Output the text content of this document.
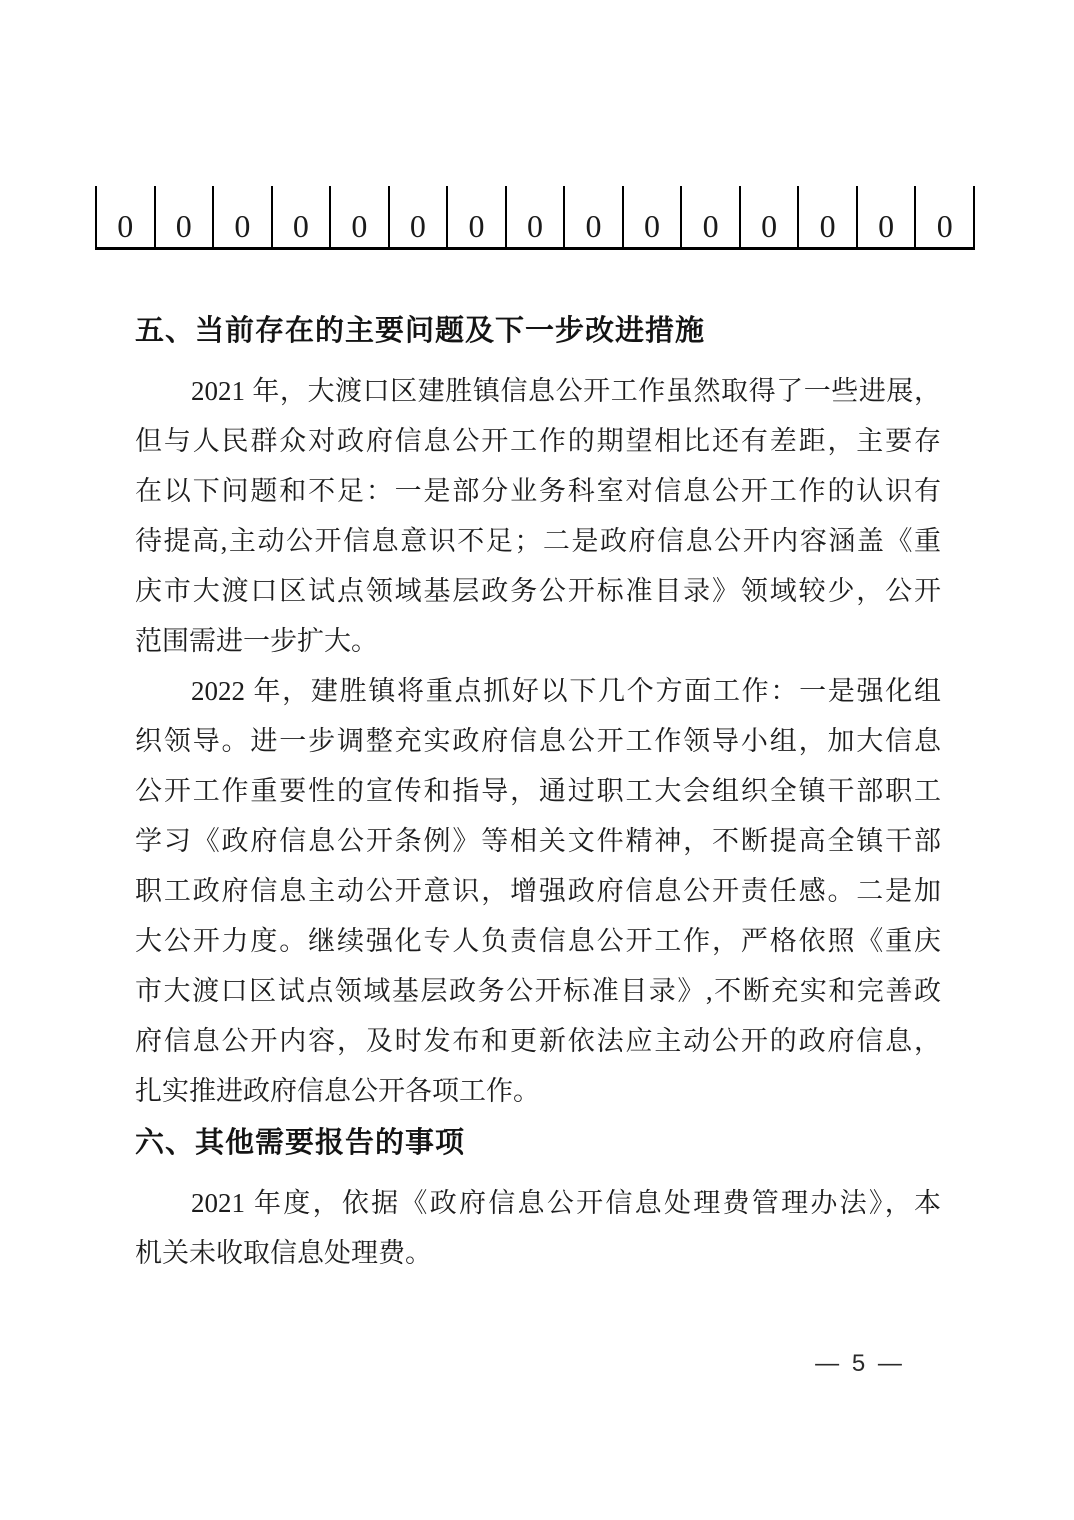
0	0	0	0	0	0	0	0	0	0	0	0	0	0	0
五、当前存在的主要问题及下一步改进措施
2021 年，大渡口区建胜镇信息公开工作虽然取得了一些进展，
但与人民群众对政府信息公开工作的期望相比还有差距，主要存
在以下问题和不足：一是部分业务科室对信息公开工作的认识有
待提高,主动公开信息意识不足；二是政府信息公开内容涵盖《重
庆市大渡口区试点领域基层政务公开标准目录》领域较少，公开
范围需进一步扩大。
2022 年，建胜镇将重点抓好以下几个方面工作：一是强化组
织领导。进一步调整充实政府信息公开工作领导小组，加大信息
公开工作重要性的宣传和指导，通过职工大会组织全镇干部职工
学习《政府信息公开条例》等相关文件精神，不断提高全镇干部
职工政府信息主动公开意识，增强政府信息公开责任感。二是加
大公开力度。继续强化专人负责信息公开工作，严格依照《重庆
市大渡口区试点领域基层政务公开标准目录》,不断充实和完善政
府信息公开内容，及时发布和更新依法应主动公开的政府信息，
扎实推进政府信息公开各项工作。
六、其他需要报告的事项
2021 年度，依据《政府信息公开信息处理费管理办法》，本
机关未收取信息处理费。
— 5 —
